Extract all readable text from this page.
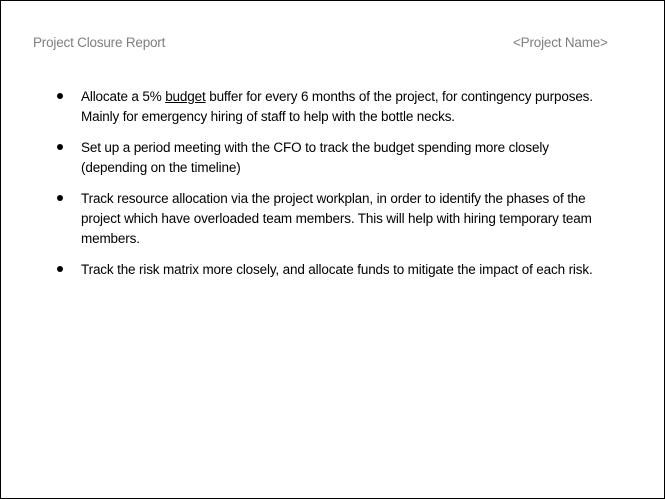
Project Closure Report	<Project Name>
Allocate a 5% budget buffer for every 6 months of the project, for contingency purposes. Mainly for emergency hiring of staff to help with the bottle necks.
Set up a period meeting with the CFO to track the budget spending more closely (depending on the timeline)
Track resource allocation via the project workplan, in order to identify the phases of the project which have overloaded team members. This will help with hiring temporary team members.
Track the risk matrix more closely, and allocate funds to mitigate the impact of each risk.
